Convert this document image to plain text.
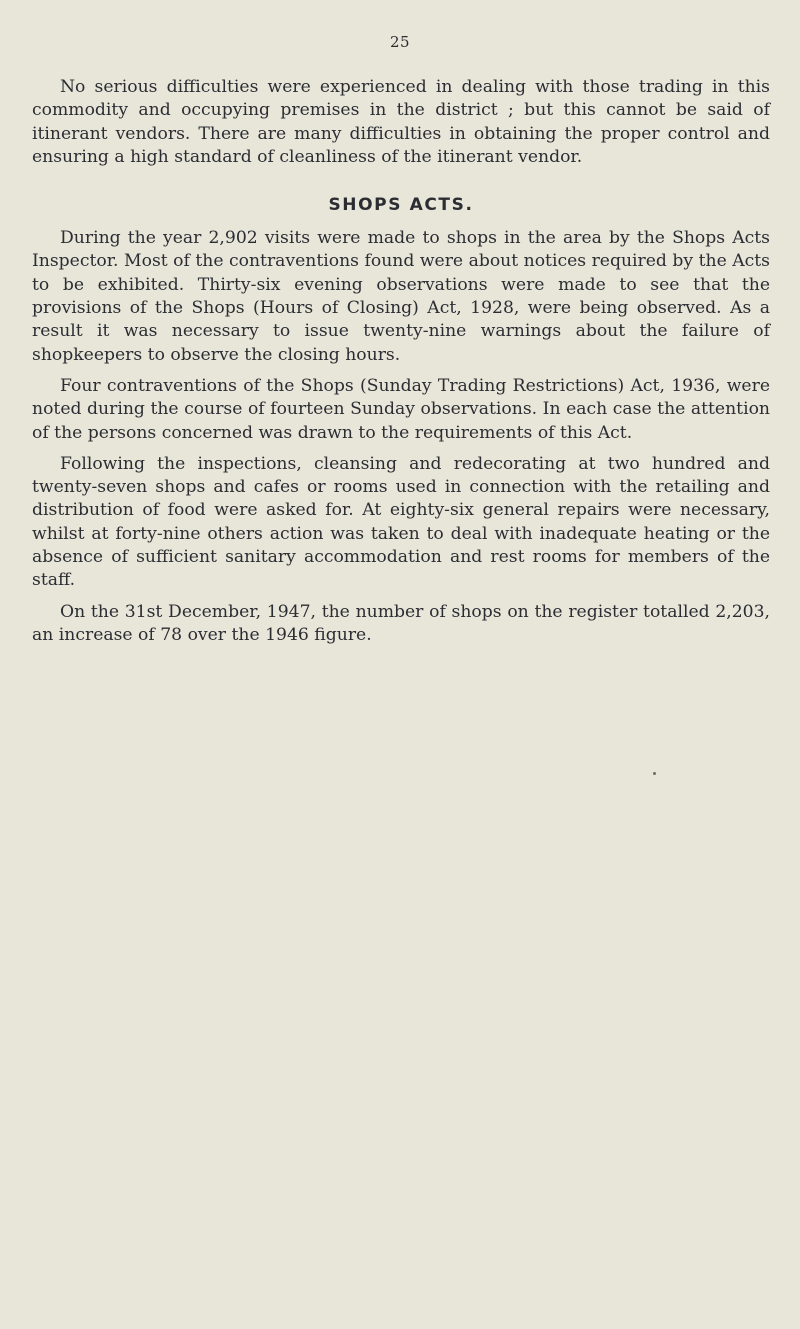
25

No serious difficulties were experienced in dealing with those trading in this commodity and occupying premises in the district ; but this cannot be said of itinerant vendors. There are many difficulties in obtaining the proper control and ensuring a high standard of cleanliness of the itinerant vendor.

SHOPS ACTS.

During the year 2,902 visits were made to shops in the area by the Shops Acts Inspector. Most of the contraventions found were about notices required by the Acts to be exhibited. Thirty-six evening observations were made to see that the provisions of the Shops (Hours of Closing) Act, 1928, were being observed. As a result it was necessary to issue twenty-nine warnings about the failure of shopkeepers to observe the closing hours.

Four contraventions of the Shops (Sunday Trading Restrictions) Act, 1936, were noted during the course of fourteen Sunday observations. In each case the attention of the persons concerned was drawn to the requirements of this Act.

Following the inspections, cleansing and redecorating at two hundred and twenty-seven shops and cafes or rooms used in connection with the retailing and distribution of food were asked for. At eighty-six general repairs were necessary, whilst at forty-nine others action was taken to deal with inadequate heating or the absence of sufficient sanitary accommodation and rest rooms for members of the staff.

On the 31st December, 1947, the number of shops on the register totalled 2,203, an increase of 78 over the 1946 figure.
